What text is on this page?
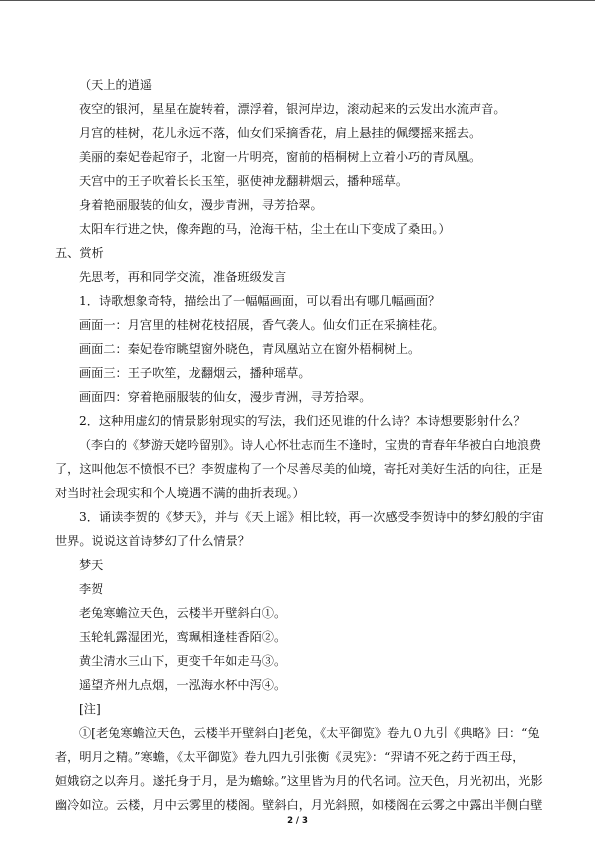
（天上的逍遥
夜空的银河，星星在旋转着，漂浮着，银河岸边，滚动起来的云发出水流声音。
月宫的桂树，花儿永远不落，仙女们采摘香花，肩上悬挂的佩缨摇来摇去。
美丽的秦妃卷起帘子，北窗一片明亮，窗前的梧桐树上立着小巧的青凤凰。
天宫中的王子吹着长长玉笙，驱使神龙翻耕烟云，播种瑶草。
身着艳丽服装的仙女，漫步青洲，寻芳拾翠。
太阳车行进之快，像奔跑的马，沧海干枯，尘土在山下变成了桑田。）
五、赏析
先思考，再和同学交流，准备班级发言
1．诗歌想象奇特，描绘出了一幅幅画面，可以看出有哪几幅画面？
画面一：月宫里的桂树花枝招展，香气袭人。仙女们正在采摘桂花。
画面二：秦妃卷帘眺望窗外晓色，青凤凰站立在窗外梧桐树上。
画面三：王子吹笙，龙翻烟云，播种瑶草。
画面四：穿着艳丽服装的仙女，漫步青洲，寻芳拾翠。
2．这种用虚幻的情景影射现实的写法，我们还见谁的什么诗？本诗想要影射什么？
（李白的《梦游天姥吟留别》。诗人心怀壮志而生不逢时，宝贵的青春年华被白白地浪费
了，这叫他怎不愤恨不已？李贺虚构了一个尽善尽美的仙境，寄托对美好生活的向往，正是
对当时社会现实和个人境遇不满的曲折表现。）
3．诵读李贺的《梦天》，并与《天上谣》相比较，再一次感受李贺诗中的梦幻般的宇宙
世界。说说这首诗梦幻了什么情景？
梦天
李贺
老兔寒蟾泣天色，云楼半开壁斜白①。
玉轮轧露湿团光，鸾珮相逢桂香陌②。
黄尘清水三山下，更变千年如走马③。
遥望齐州九点烟，一泓海水杯中泻④。
[注]
①[老兔寒蟾泣天色，云楼半开壁斜白]老兔，《太平御览》卷九０九引《典略》曰：“兔
者，明月之精。”寒蟾，《太平御览》卷九四九引张衡《灵宪》：“羿请不死之药于西王母，
姮娥窃之以奔月。遂托身于月，是为蟾蜍。”这里皆为月的代名词。泣天色，月光初出，光影
幽冷如泣。云楼，月中云雾里的楼阁。壁斜白，月光斜照，如楼阁在云雾之中露出半侧白壁
2 / 3
